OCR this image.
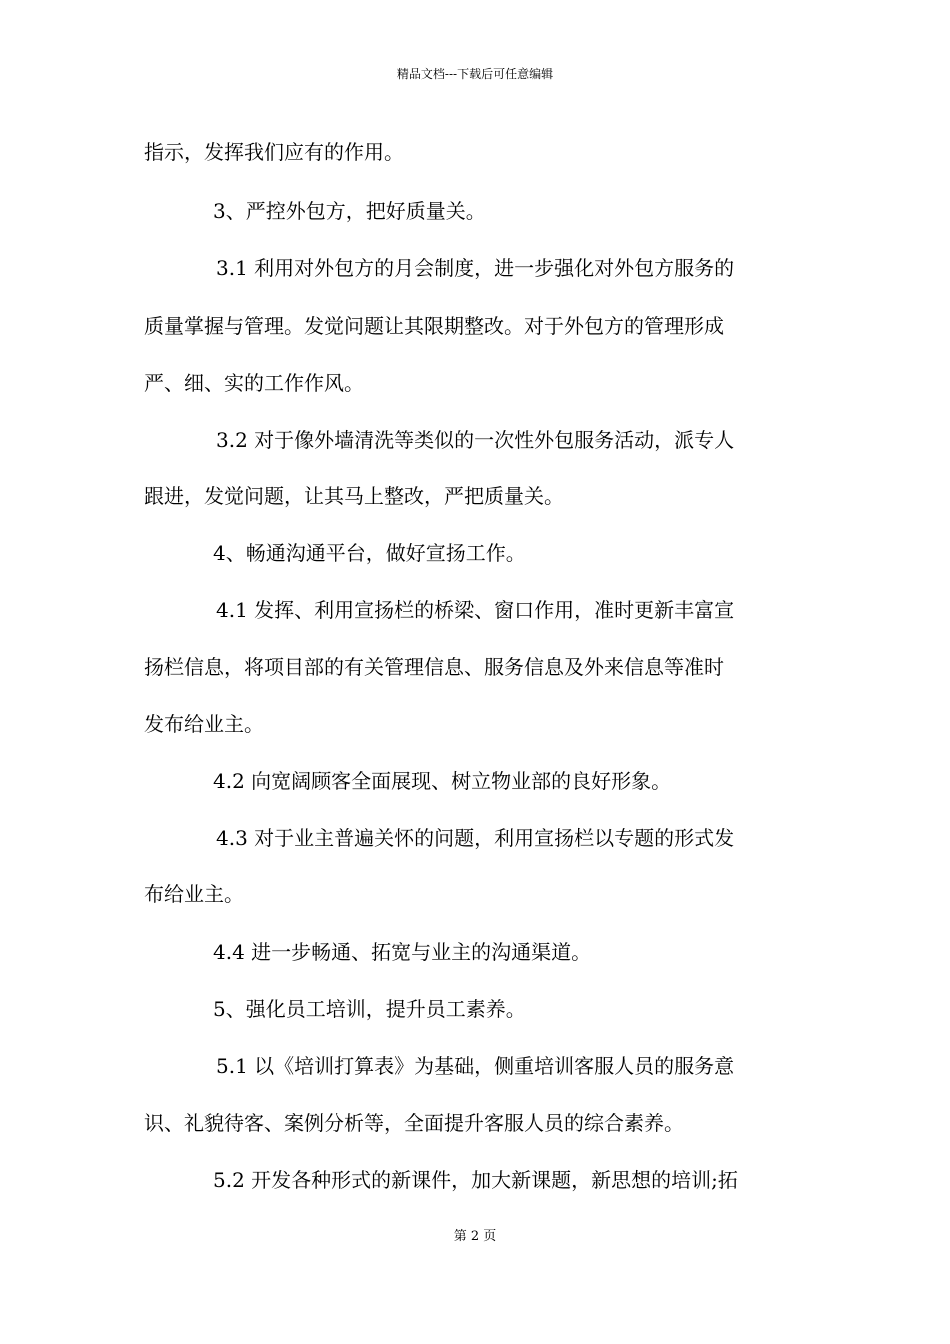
精品文档---下载后可任意编辑
指示，发挥我们应有的作用。
3、严控外包方，把好质量关。
3.1 利用对外包方的月会制度，进一步强化对外包方服务的
质量掌握与管理。发觉问题让其限期整改。对于外包方的管理形成
严、细、实的工作作风。
3.2 对于像外墙清洗等类似的一次性外包服务活动，派专人
跟进，发觉问题，让其马上整改，严把质量关。
4、畅通沟通平台，做好宣扬工作。
4.1 发挥、利用宣扬栏的桥梁、窗口作用，准时更新丰富宣
扬栏信息，将项目部的有关管理信息、服务信息及外来信息等准时
发布给业主。
4.2 向宽阔顾客全面展现、树立物业部的良好形象。
4.3 对于业主普遍关怀的问题，利用宣扬栏以专题的形式发
布给业主。
4.4 进一步畅通、拓宽与业主的沟通渠道。
5、强化员工培训，提升员工素养。
5.1 以《培训打算表》为基础，侧重培训客服人员的服务意
识、礼貌待客、案例分析等，全面提升客服人员的综合素养。
5.2 开发各种形式的新课件，加大新课题，新思想的培训;拓
第 2 页
